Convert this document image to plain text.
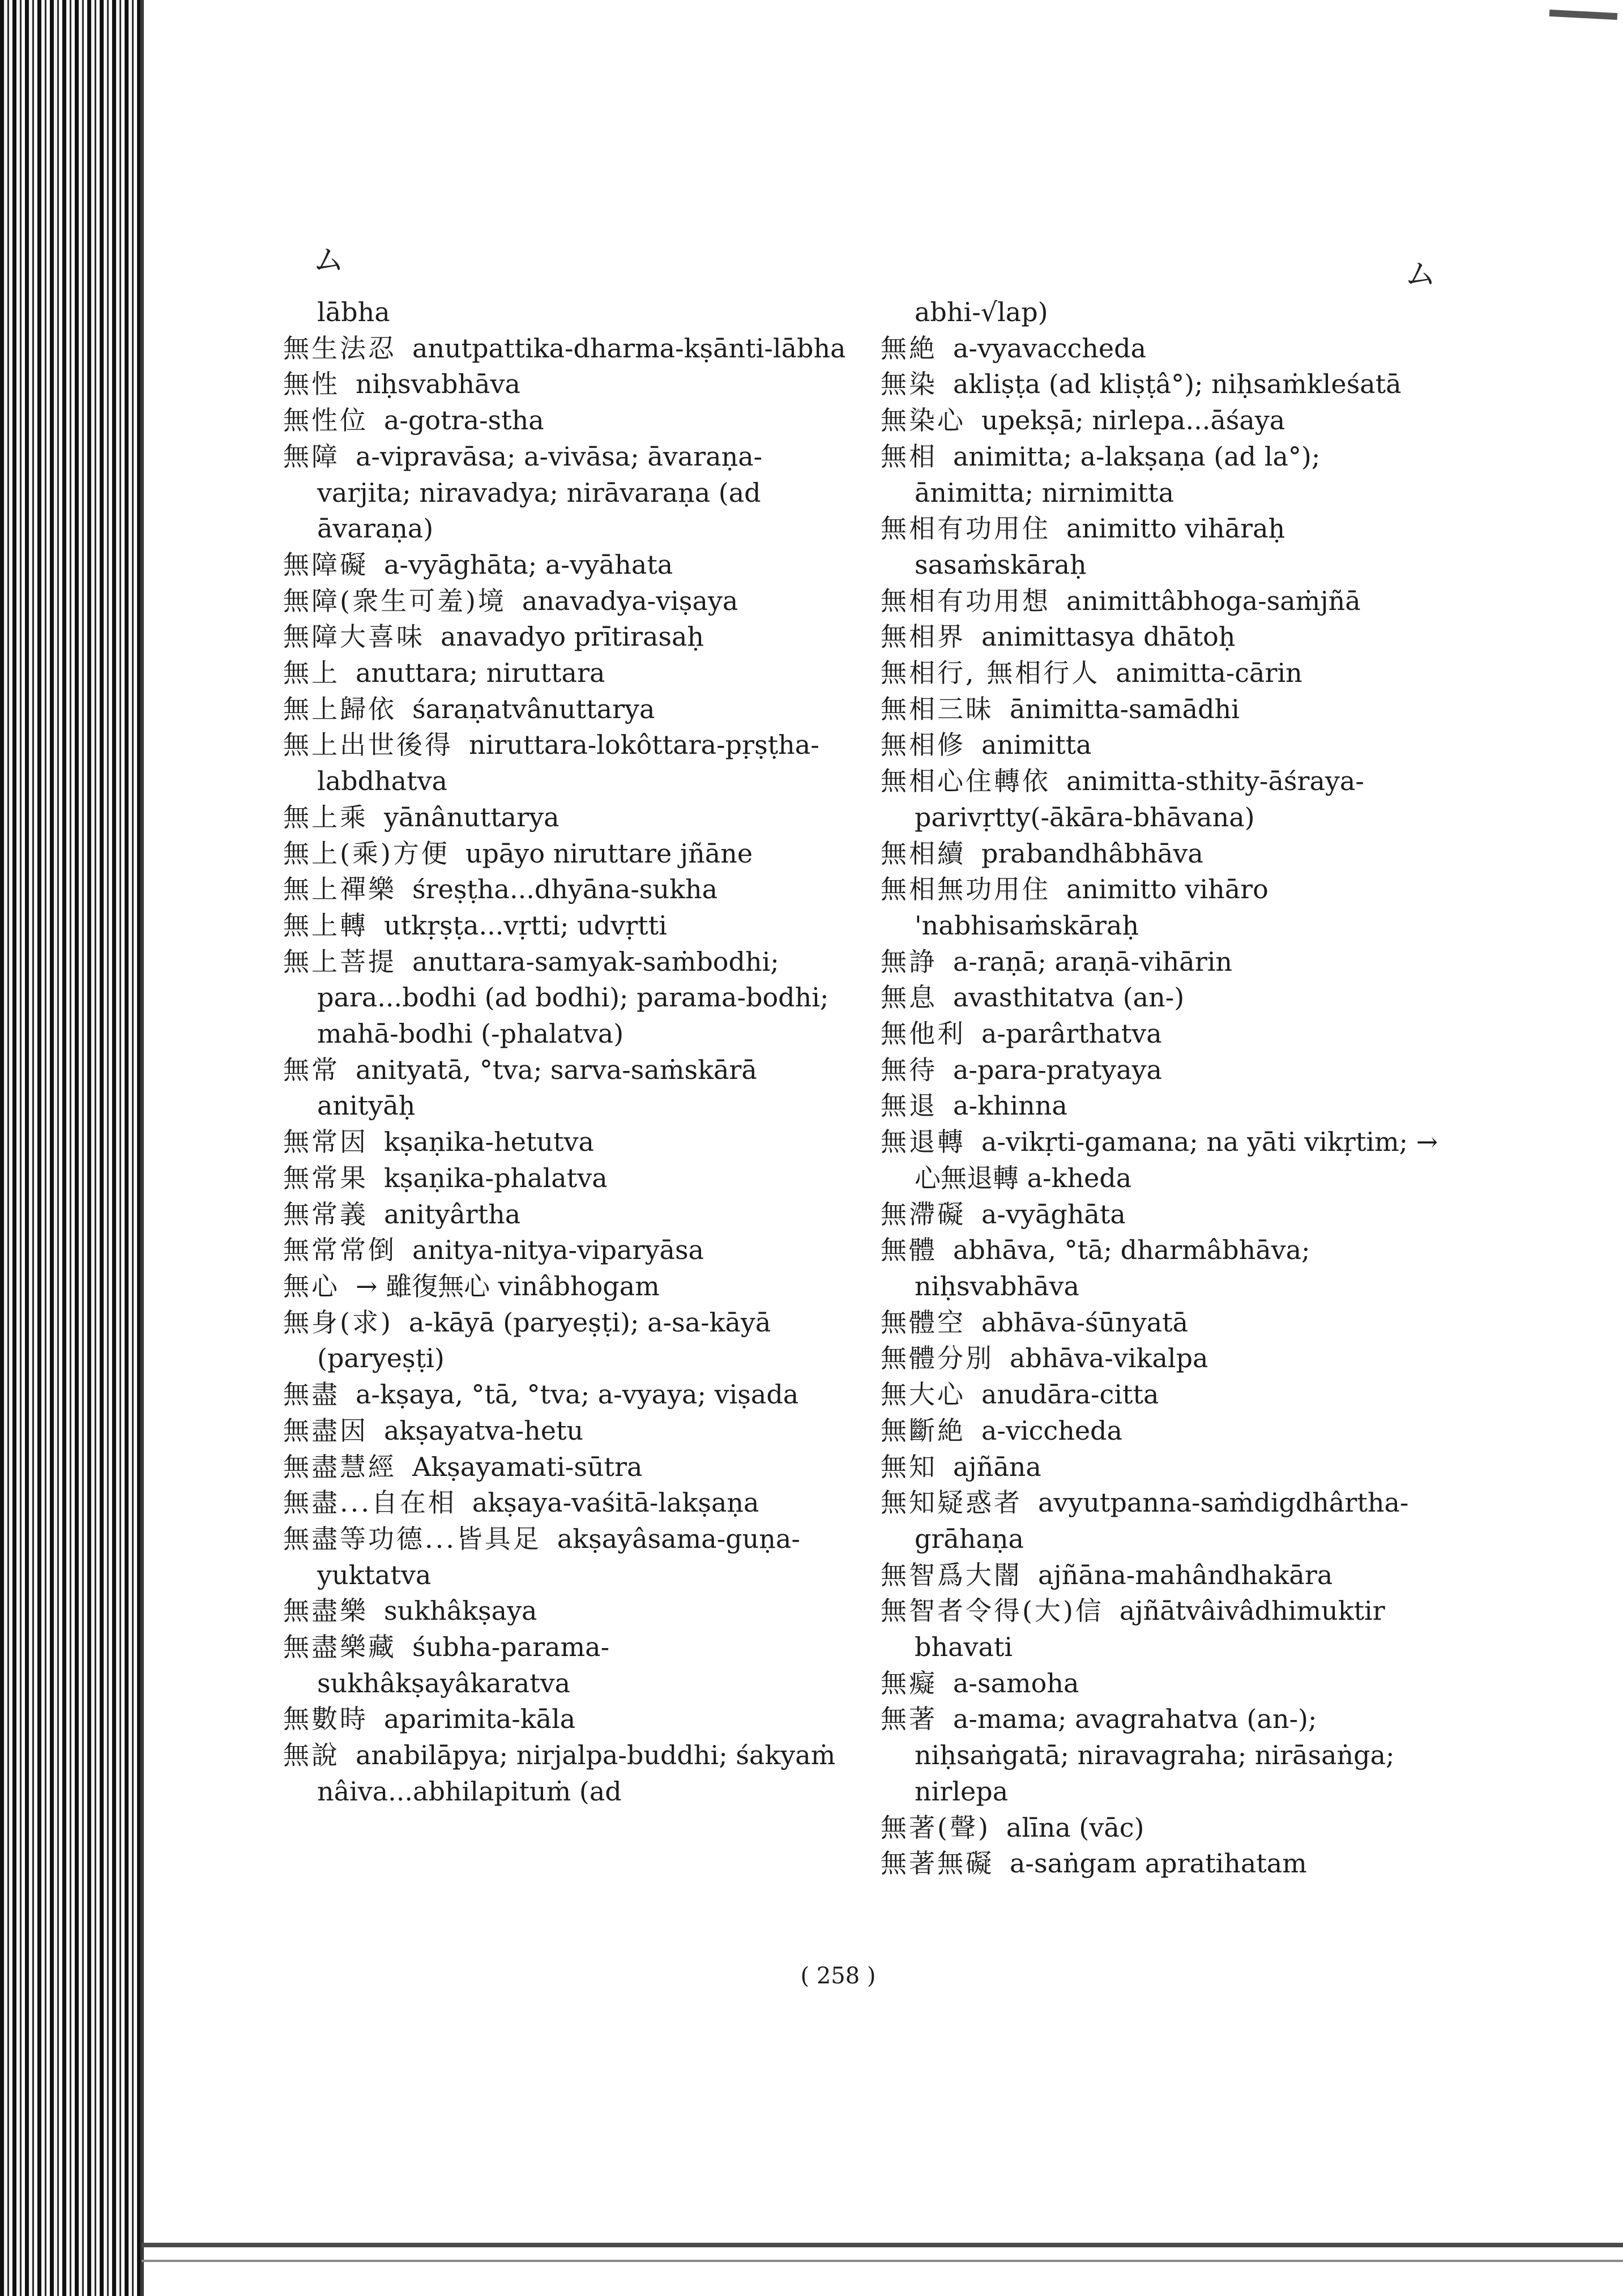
ム	ム
lābha
無生法忍 anutpattika-dharma-kṣānti-lābha
無性 niḥsvabhāva
無性位 a-gotra-stha
無障 a-vipravāsa; a-vivāsa; āvaraṇa-varjita; niravadya; nirāvaraṇa (ad āvaraṇa)
無障礙 a-vyāghāta; a-vyāhata
無障(衆生可羞)境 anavadya-viṣaya
無障大喜味 anavadyo prītirasaḥ
無上 anuttara; niruttara
無上歸依 śaraṇatvânuttarya
無上出世後得 niruttara-lokôttara-pṛṣṭha-labdhatva
無上乘 yānânuttarya
無上(乘)方便 upāyo niruttare jñāne
無上禪樂 śreṣṭha...dhyāna-sukha
無上轉 utkṛṣṭa...vṛtti; udvṛtti
無上菩提 anuttara-samyak-saṁbodhi; para...bodhi (ad bodhi); parama-bodhi; mahā-bodhi (-phalatva)
無常 anityatā, °tva; sarva-saṁskārā anityāḥ
無常因 kṣaṇika-hetutva
無常果 kṣaṇika-phalatva
無常義 anityârtha
無常常倒 anitya-nitya-viparyāsa
無心 → 雖復無心 vinâbhogam
無身(求) a-kāyā (paryeṣṭi); a-sa-kāyā (paryeṣṭi)
無盡 a-kṣaya, °tā, °tva; a-vyaya; viṣada
無盡因 akṣayatva-hetu
無盡慧經 Akṣayamati-sūtra
無盡...自在相 akṣaya-vaśitā-lakṣaṇa
無盡等功德...皆具足 akṣayâsama-guṇa-yuktatva
無盡樂 sukhâkṣaya
無盡樂藏 śubha-parama-sukhâkṣayâkaratva
無數時 aparimita-kāla
無說 anabilāpya; nirjalpa-buddhi; śakyaṁ nâiva...abhilapituṁ (ad
abhi-√lap)
無絶 a-vyavaccheda
無染 akliṣṭa (ad kliṣṭâ°); niḥsaṁkleśatā
無染心 upekṣā; nirlepa...āśaya
無相 animitta; a-lakṣaṇa (ad la°); ānimitta; nirnimitta
無相有功用住 animitto vihāraḥ sasaṁskāraḥ
無相有功用想 animittâbhoga-saṁjñā
無相界 animittasya dhātoḥ
無相行, 無相行人 animitta-cārin
無相三昧 ānimitta-samādhi
無相修 animitta
無相心住轉依 animitta-sthity-āśraya-parivṛtty(-ākāra-bhāvana)
無相續 prabandhâbhāva
無相無功用住 animitto vihāro 'nabhisaṁskāraḥ
無諍 a-raṇā; araṇā-vihārin
無息 avasthitatva (an-)
無他利 a-parârthatva
無待 a-para-pratyaya
無退 a-khinna
無退轉 a-vikṛti-gamana; na yāti vikṛtim; → 心無退轉 a-kheda
無滯礙 a-vyāghāta
無體 abhāva, °tā; dharmâbhāva; niḥsvabhāva
無體空 abhāva-śūnyatā
無體分別 abhāva-vikalpa
無大心 anudāra-citta
無斷絶 a-viccheda
無知 ajñāna
無知疑惑者 avyutpanna-saṁdigdhârtha-grāhaṇa
無智爲大闇 ajñāna-mahândhakāra
無智者令得(大)信 ajñātvâivâdhimuktir bhavati
無癡 a-samoha
無著 a-mama; avagrahatva (an-); niḥsaṅgatā; niravagraha; nirāsaṅga; nirlepa
無著(聲) alīna (vāc)
無著無礙 a-saṅgam apratihatam
( 258 )
